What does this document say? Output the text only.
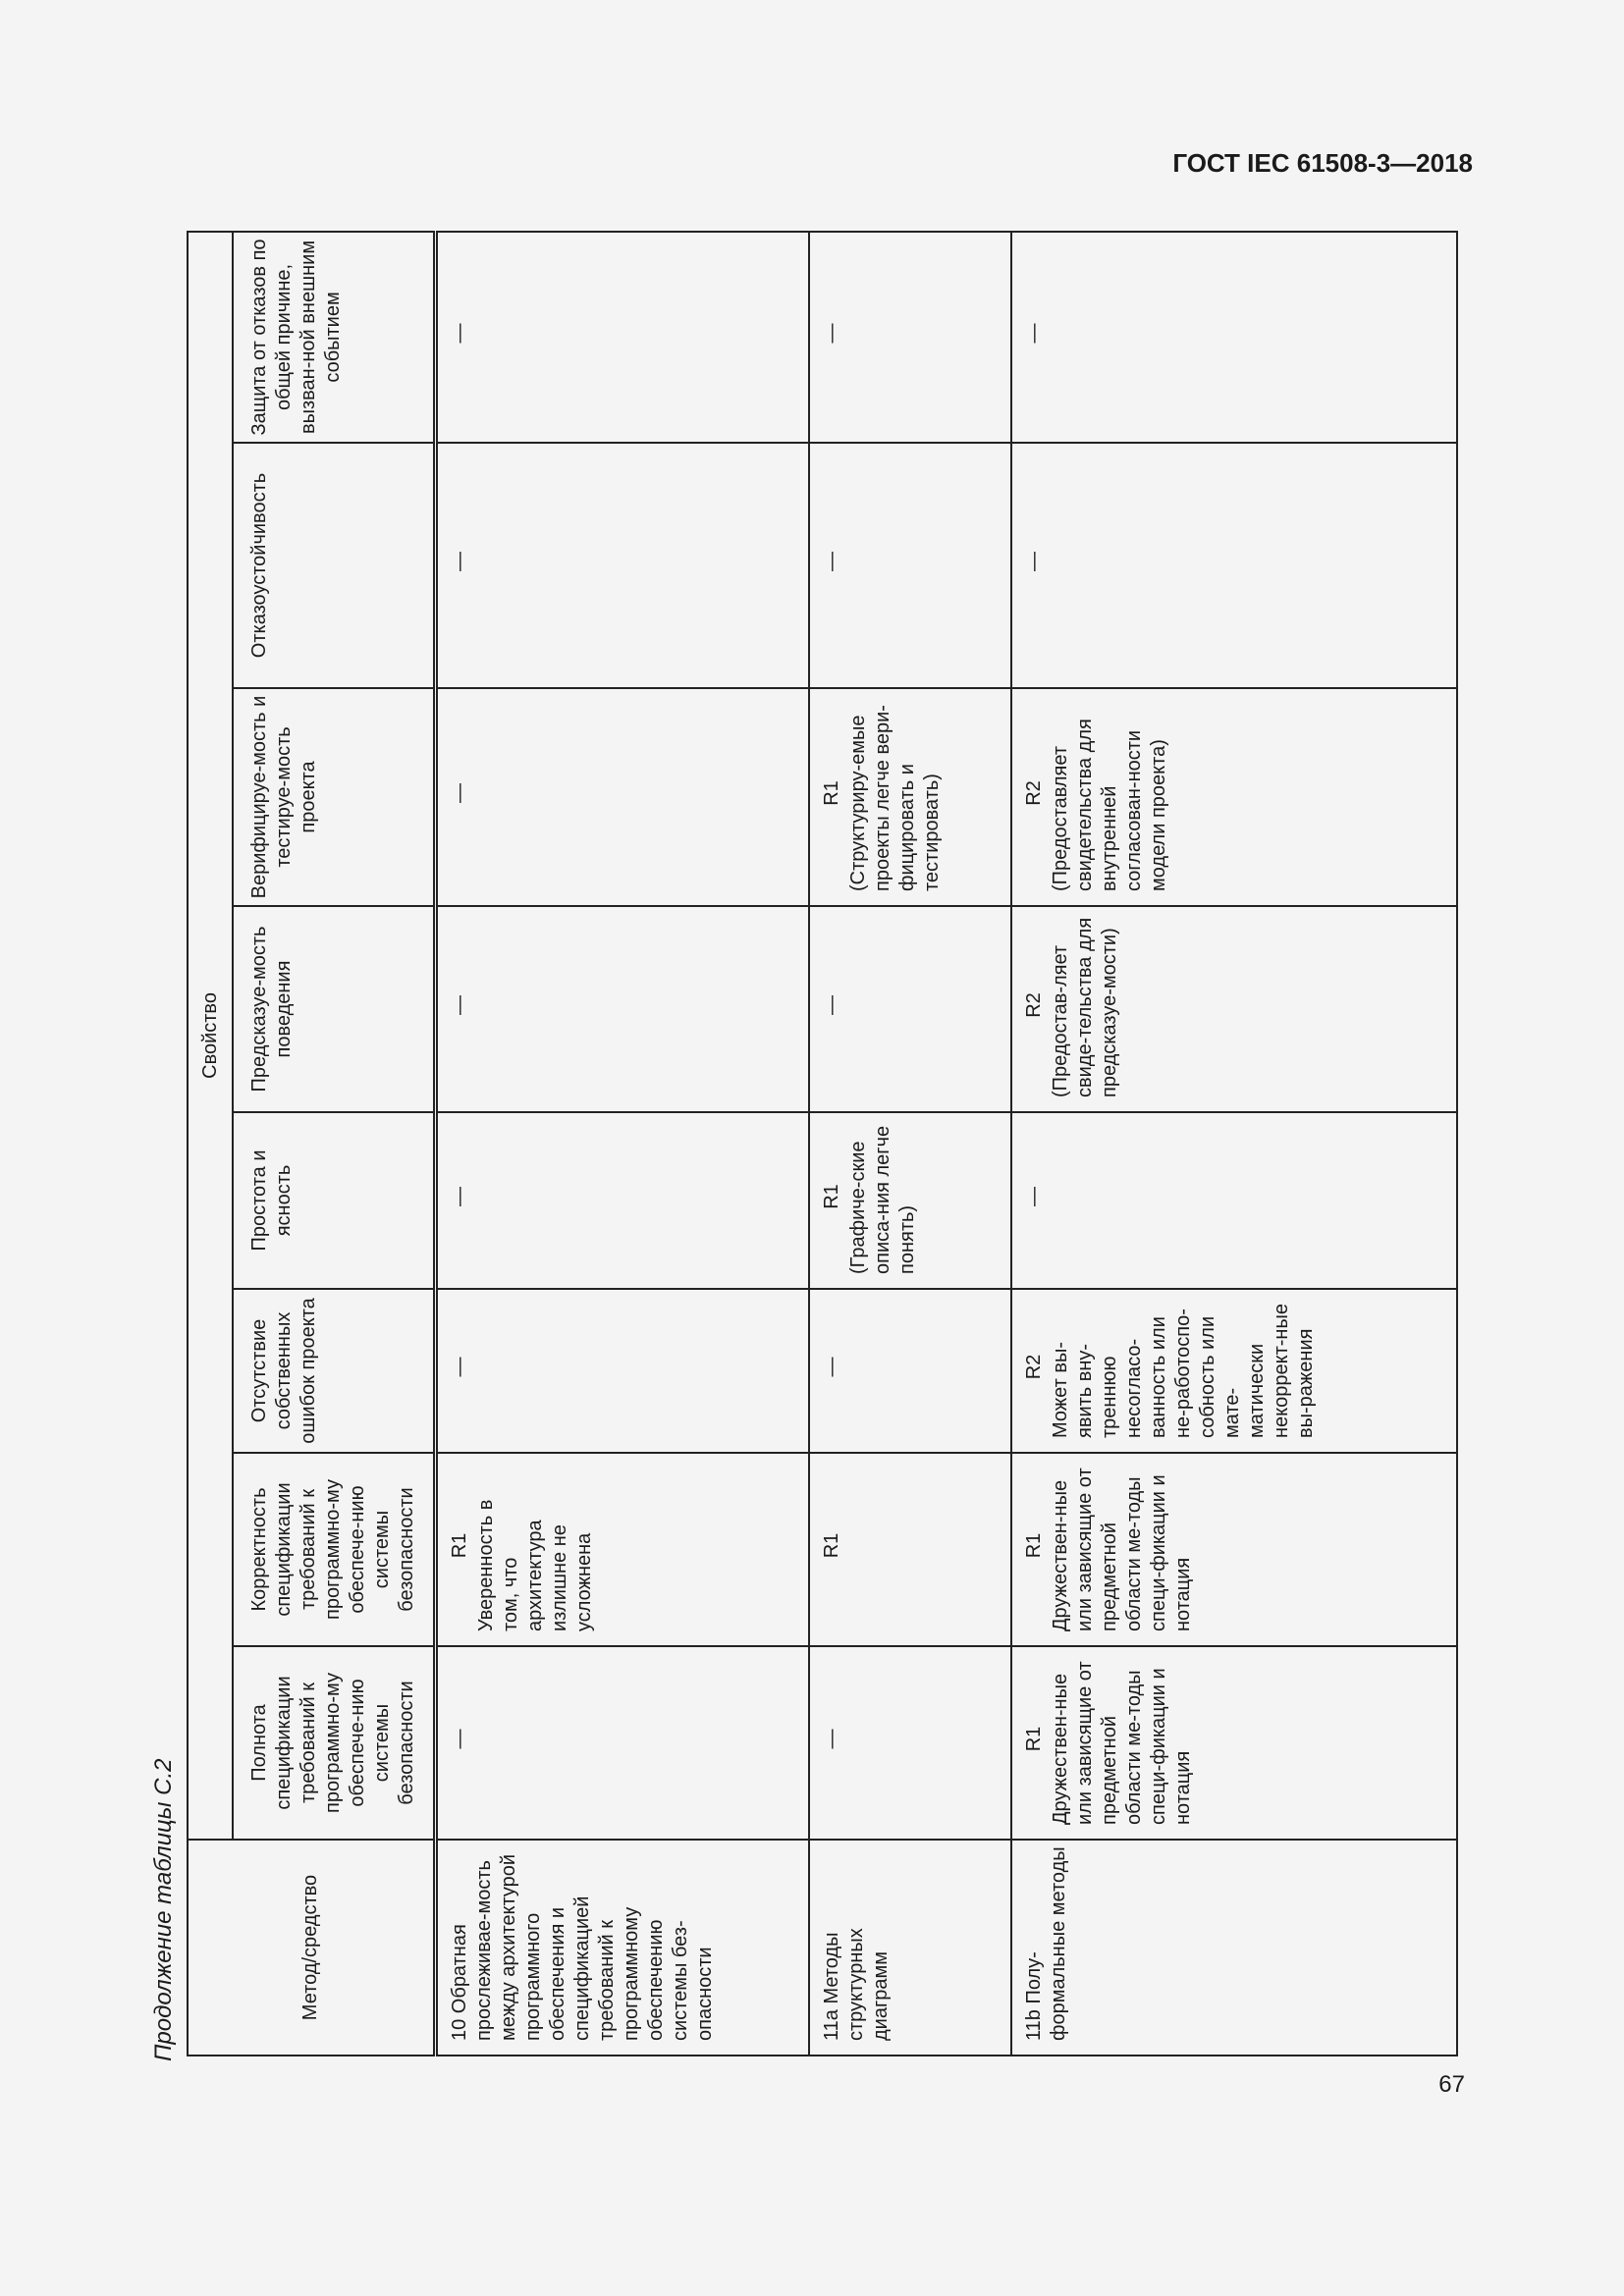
ГОСТ IEC 61508-3—2018
Продолжение таблицы С.2	Метод/средство	Свойство							
	Полнота спецификации требований к программно-му обеспече-нию системы безопасности	Корректность спецификации требований к программно-му обеспече-нию системы безопасности	Отсутствие собственных ошибок проекта	Простота и ясность	Предсказуе-мость поведения	Верифицируе-мость и тестируе-мость проекта	Отказоустойчивость	Защита от отказов по общей причине, вызван-ной внешним событием
10 Обратная прослеживае-мость между архитектурой программного обеспечения и спецификацией требований к программному обеспечению системы без-опасности	—	R1 Уверенность в том, что архитектура излишне не усложнена	—	—	—	—	—	—

11a Методы структурных диаграмм	—	R1	—	R1 (Графиче-ские описа-ния легче понять)	—	R1 (Структуриру-емые проекты легче вери-фицировать и тестировать)	—	—

11b Полу-формальные методы	R1 Дружествен-ные или зависящие от предметной области ме-тоды специ-фикации и нотация	R1 Дружествен-ные или зависящие от предметной области ме-тоды специ-фикации и нотация	R2 Может вы-явить вну-треннюю несогласо-ванность или не-работоспо-собность или мате-матически некоррект-ные вы-ражения	—	R2 (Предостав-ляет свиде-тельства для предсказуе-мости)	R2 (Предоставляет свидетельства для внутренней согласован-ности модели проекта)	—	—
67
